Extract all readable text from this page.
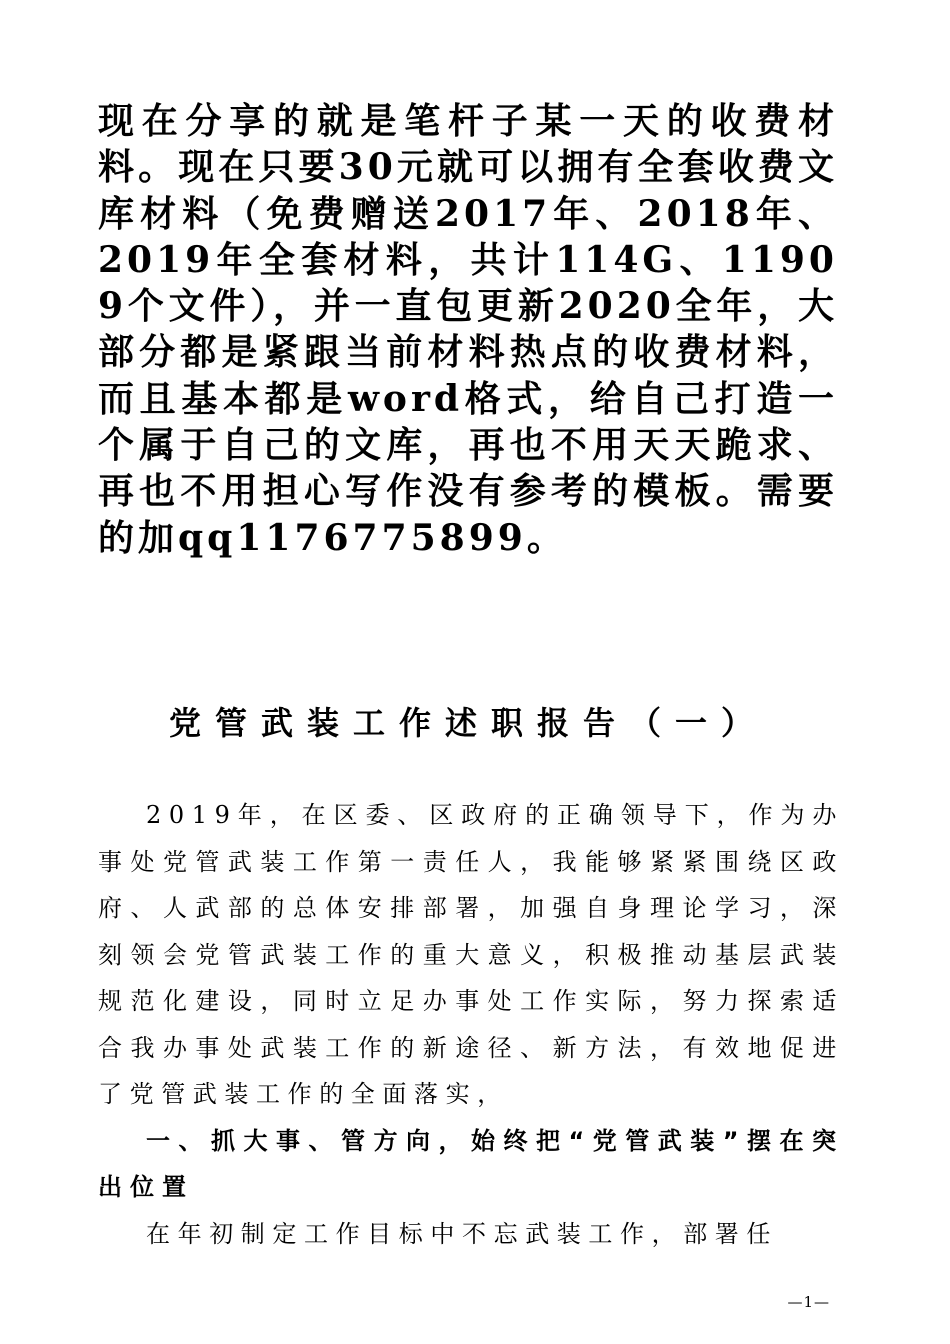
现在分享的就是笔杆子某一天的收费材料。现在只要30元就可以拥有全套收费文库材料（免费赠送2017年、2018年、2019年全套材料，共计114G、11909个文件），并一直包更新2020全年，大部分都是紧跟当前材料热点的收费材料，而且基本都是word格式，给自己打造一个属于自己的文库，再也不用天天跪求、再也不用担心写作没有参考的模板。需要的加qq1176775899。
党管武装工作述职报告（一）

2019年，在区委、区政府的正确领导下，作为办事处党管武装工作第一责任人，我能够紧紧围绕区政府、人武部的总体安排部署，加强自身理论学习，深刻领会党管武装工作的重大意义，积极推动基层武装规范化建设，同时立足办事处工作实际，努力探索适合我办事处武装工作的新途径、新方法，有效地促进了党管武装工作的全面落实，

一、抓大事、管方向，始终把“党管武装”摆在突出位置

在年初制定工作目标中不忘武装工作，部署任

—1—
